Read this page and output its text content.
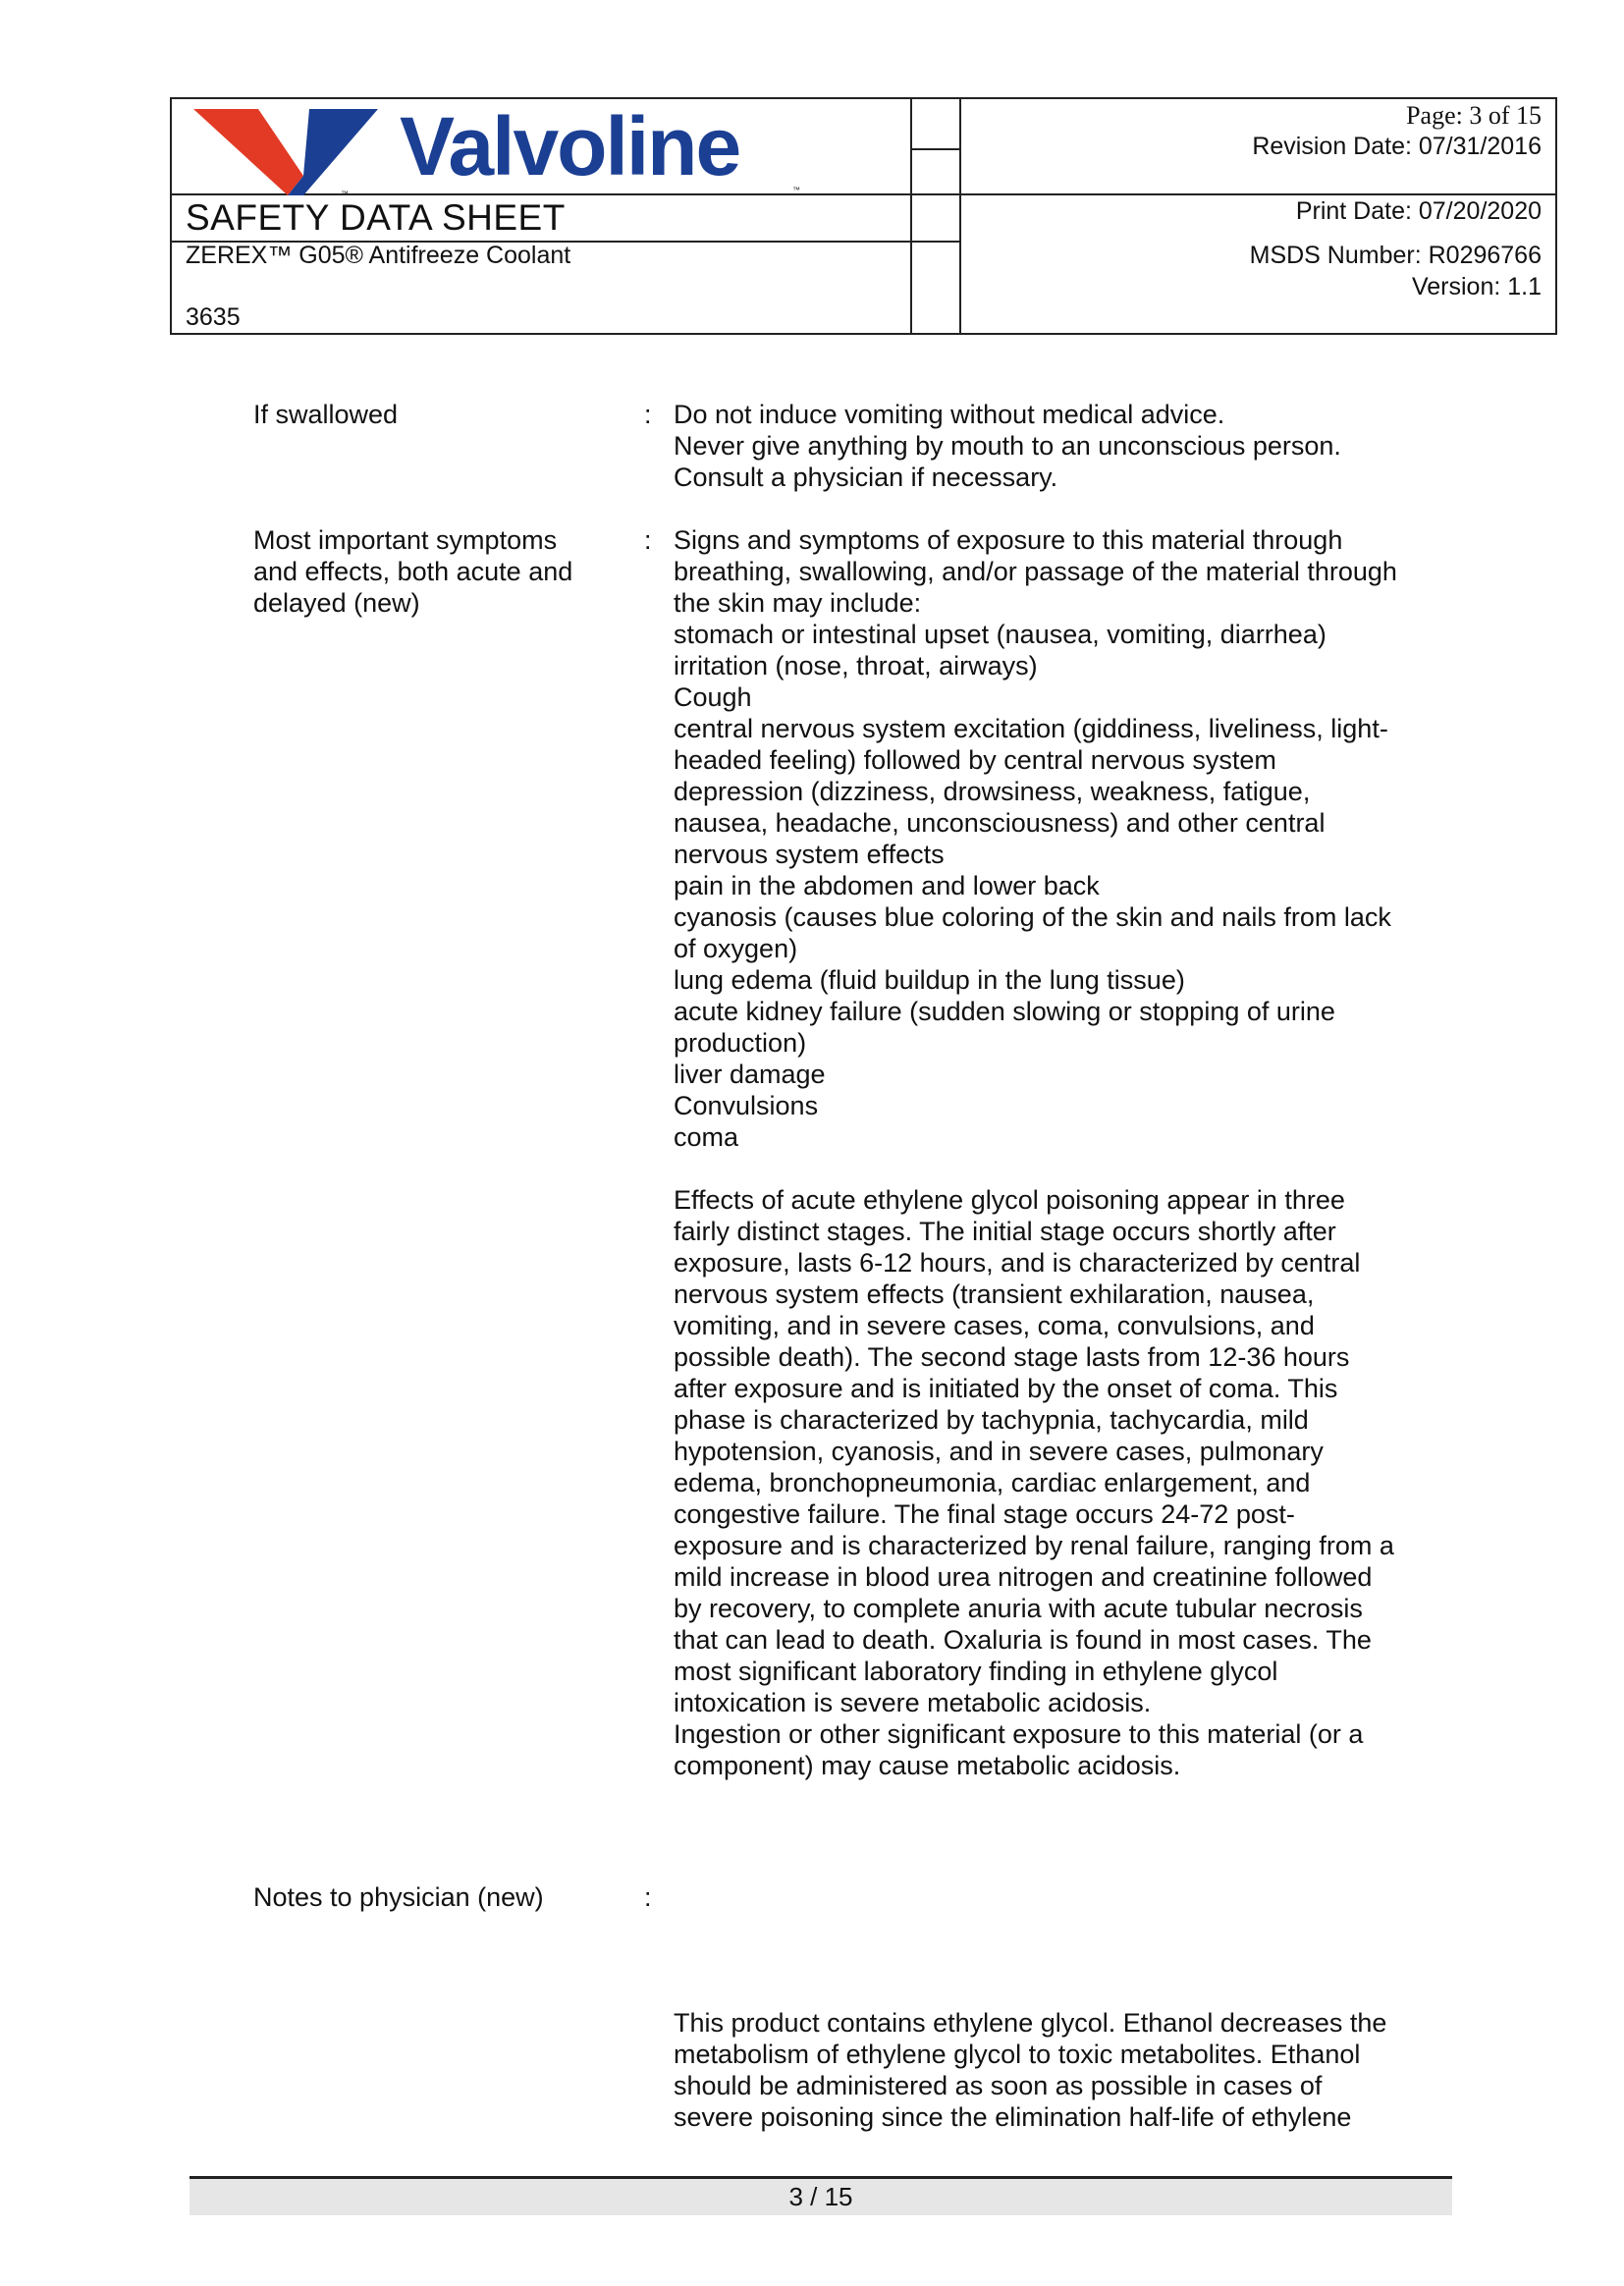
Valvoline
™	™
SAFETY DATA SHEET
ZEREX™ G05® Antifreeze Coolant
3635
Page: 3 of 15
Revision Date: 07/31/2016
Print Date: 07/20/2020
MSDS Number: R0296766
Version: 1.1
If swallowed	: Do not induce vomiting without medical advice.
Never give anything by mouth to an unconscious person.
Consult a physician if necessary.
Most important symptoms
and effects, both acute and
delayed (new)
: Signs and symptoms of exposure to this material through
breathing, swallowing, and/or passage of the material through
the skin may include:
stomach or intestinal upset (nausea, vomiting, diarrhea)
irritation (nose, throat, airways)
Cough
central nervous system excitation (giddiness, liveliness, light-
headed feeling) followed by central nervous system
depression (dizziness, drowsiness, weakness, fatigue,
nausea, headache, unconsciousness) and other central
nervous system effects
pain in the abdomen and lower back
cyanosis (causes blue coloring of the skin and nails from lack
of oxygen)
lung edema (fluid buildup in the lung tissue)
acute kidney failure (sudden slowing or stopping of urine
production)
liver damage
Convulsions
coma
Effects of acute ethylene glycol poisoning appear in three
fairly distinct stages. The initial stage occurs shortly after
exposure, lasts 6-12 hours, and is characterized by central
nervous system effects (transient exhilaration, nausea,
vomiting, and in severe cases, coma, convulsions, and
possible death). The second stage lasts from 12-36 hours
after exposure and is initiated by the onset of coma. This
phase is characterized by tachypnia, tachycardia, mild
hypotension, cyanosis, and in severe cases, pulmonary
edema, bronchopneumonia, cardiac enlargement, and
congestive failure. The final stage occurs 24-72 post-
exposure and is characterized by renal failure, ranging from a
mild increase in blood urea nitrogen and creatinine followed
by recovery, to complete anuria with acute tubular necrosis
that can lead to death. Oxaluria is found in most cases. The
most significant laboratory finding in ethylene glycol
intoxication is severe metabolic acidosis.
Ingestion or other significant exposure to this material (or a
component) may cause metabolic acidosis.
Notes to physician (new)	:
This product contains ethylene glycol. Ethanol decreases the
metabolism of ethylene glycol to toxic metabolites. Ethanol
should be administered as soon as possible in cases of
severe poisoning since the elimination half-life of ethylene
3 / 15
